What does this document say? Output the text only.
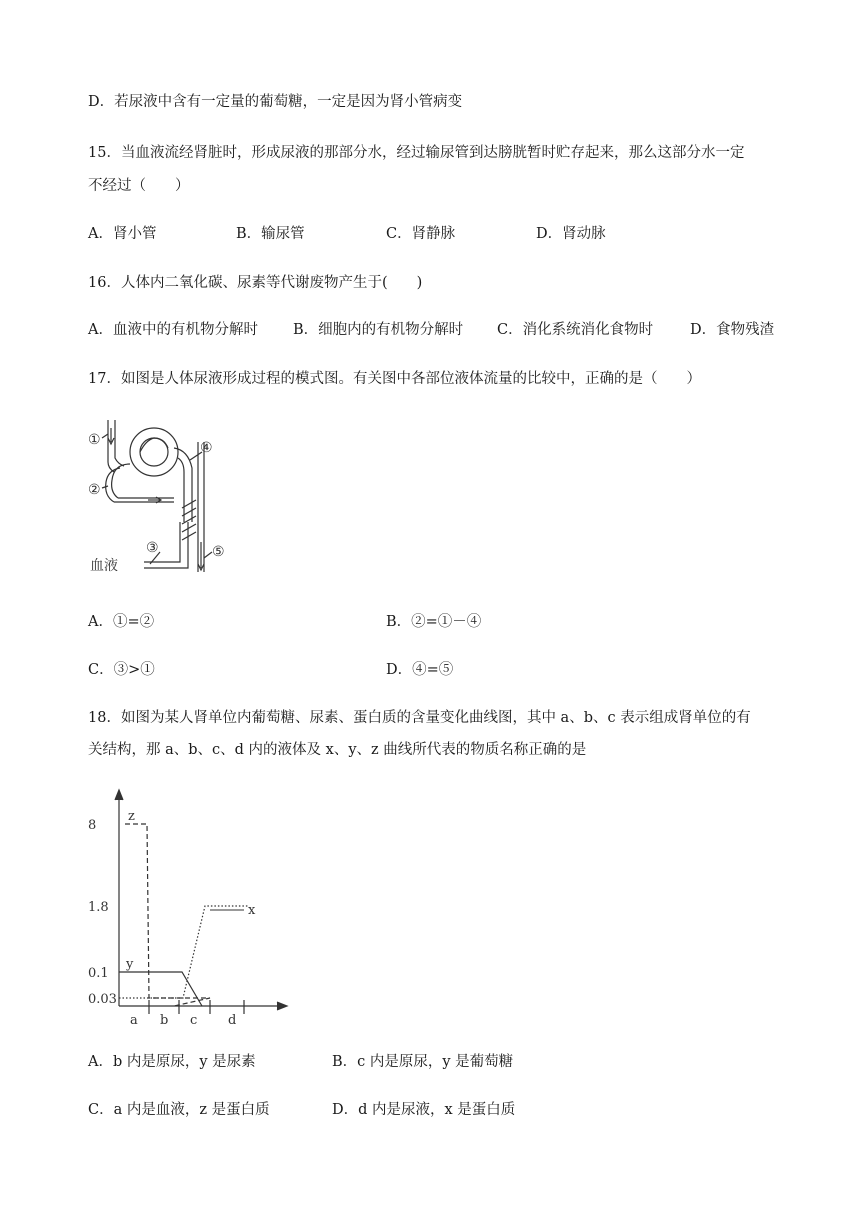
D．若尿液中含有一定量的葡萄糖，一定是因为肾小管病变
15．当血液流经肾脏时，形成尿液的那部分水，经过输尿管到达膀胱暂时贮存起来，那么这部分水一定
不经过（　　）
A．肾小管	B．输尿管	C．肾静脉	D．肾动脉
16．人体内二氧化碳、尿素等代谢废物产生于(　　)
A．血液中的有机物分解时 B．细胞内的有机物分解时 C．消化系统消化食物时	D．食物残渣
17．如图是人体尿液形成过程的模式图。有关图中各部位液体流量的比较中，正确的是（　　）
①
②
③
④
⑤
血液
A．①=②	B．②=①－④
C．③>①	D．④=⑤
18．如图为某人肾单位内葡萄糖、尿素、蛋白质的含量变化曲线图，其中 a、b、c 表示组成肾单位的有
关结构，那 a、b、c、d 内的液体及 x、y、z 曲线所代表的物质名称正确的是
8
1.8
0.1
0.03
z
y
x
a b c d
A．b 内是原尿，y 是尿素	B．c 内是原尿，y 是葡萄糖
C．a 内是血液，z 是蛋白质	D．d 内是尿液，x 是蛋白质
